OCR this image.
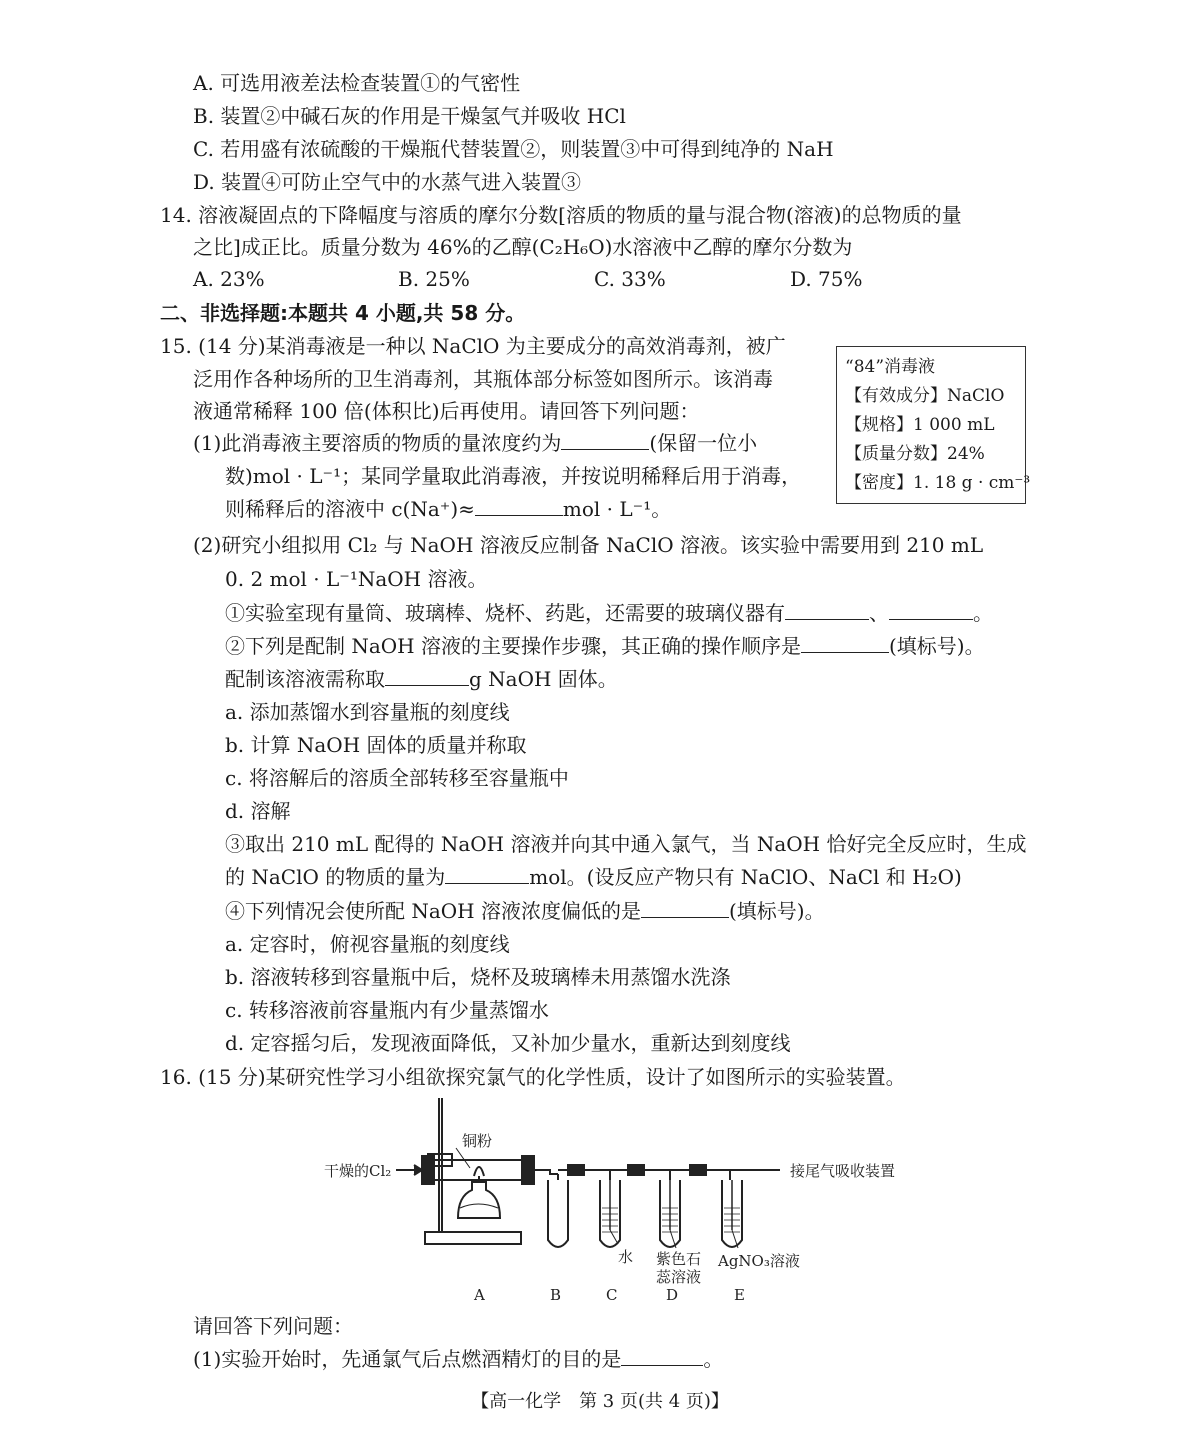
A. 可选用液差法检查装置①的气密性
B. 装置②中碱石灰的作用是干燥氢气并吸收 HCl
C. 若用盛有浓硫酸的干燥瓶代替装置②，则装置③中可得到纯净的 NaH
D. 装置④可防止空气中的水蒸气进入装置③
14. 溶液凝固点的下降幅度与溶质的摩尔分数[溶质的物质的量与混合物(溶液)的总物质的量
之比]成正比。质量分数为 46%的乙醇(C₂H₆O)水溶液中乙醇的摩尔分数为
A. 23%	B. 25%	C. 33%	D. 75%
二、非选择题:本题共 4 小题,共 58 分。
15. (14 分)某消毒液是一种以 NaClO 为主要成分的高效消毒剂，被广
泛用作各种场所的卫生消毒剂，其瓶体部分标签如图所示。该消毒
液通常稀释 100 倍(体积比)后再使用。请回答下列问题：
(1)此消毒液主要溶质的物质的量浓度约为	(保留一位小
数)mol · L⁻¹；某同学量取此消毒液，并按说明稀释后用于消毒，
则稀释后的溶液中 c(Na⁺)≈	mol · L⁻¹。
“84”消毒液
【有效成分】NaClO
【规格】1 000 mL
【质量分数】24%
【密度】1. 18 g · cm⁻³
(2)研究小组拟用 Cl₂ 与 NaOH 溶液反应制备 NaClO 溶液。该实验中需要用到 210 mL
0. 2 mol · L⁻¹NaOH 溶液。
①实验室现有量筒、玻璃棒、烧杯、药匙，还需要的玻璃仪器有	、	。
②下列是配制 NaOH 溶液的主要操作步骤，其正确的操作顺序是	(填标号)。
配制该溶液需称取	g NaOH 固体。
a. 添加蒸馏水到容量瓶的刻度线
b. 计算 NaOH 固体的质量并称取
c. 将溶解后的溶质全部转移至容量瓶中
d. 溶解
③取出 210 mL 配得的 NaOH 溶液并向其中通入氯气，当 NaOH 恰好完全反应时，生成
的 NaClO 的物质的量为	mol。(设反应产物只有 NaClO、NaCl 和 H₂O)
④下列情况会使所配 NaOH 溶液浓度偏低的是	(填标号)。
a. 定容时，俯视容量瓶的刻度线
b. 溶液转移到容量瓶中后，烧杯及玻璃棒未用蒸馏水洗涤
c. 转移溶液前容量瓶内有少量蒸馏水
d. 定容摇匀后，发现液面降低，又补加少量水，重新达到刻度线
16. (15 分)某研究性学习小组欲探究氯气的化学性质，设计了如图所示的实验装置。
干燥的Cl₂
铜粉
接尾气吸收装置
水 紫色石
蕊溶液
AgNO₃溶液
A	B	C	D	E
请回答下列问题：
(1)实验开始时，先通氯气后点燃酒精灯的目的是	。
【高一化学　第 3 页(共 4 页)】
